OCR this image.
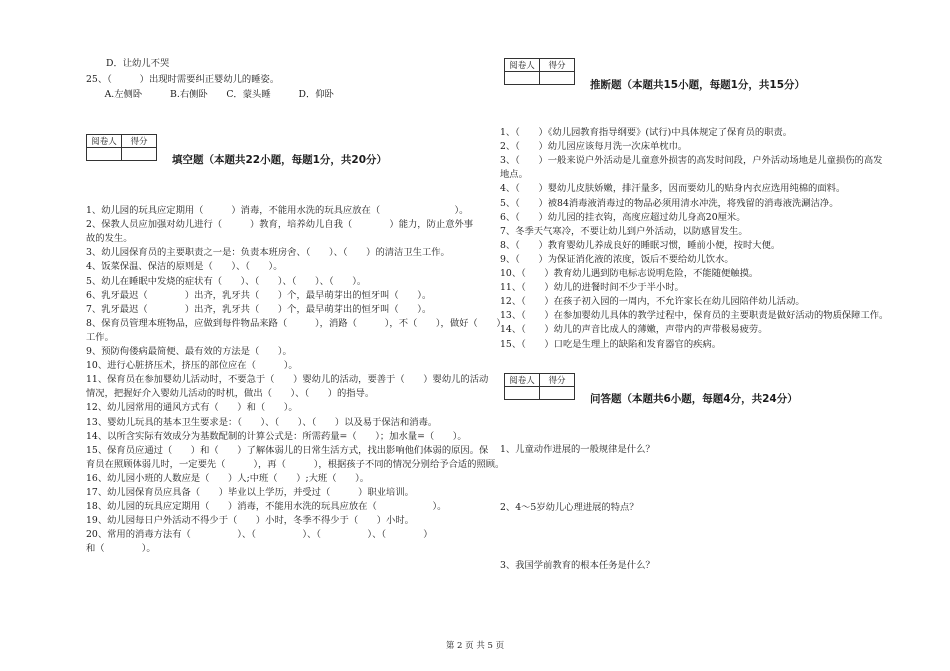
D．让幼儿不哭
25、（　　　）出现时需要纠正婴幼儿的睡姿。
　　A.左侧卧　　　B.右侧卧　　C．蒙头睡　　　D．仰卧
阅卷人	得分

填空题（本题共22小题，每题1分，共20分）
1、幼儿园的玩具应定期用（　　　）消毒，不能用水洗的玩具应放在（　　　　　　　　）。
2、保教人员应加强对幼儿进行（　　　）教育，培养幼儿自我（　　　　）能力，防止意外事
故的发生。
3、幼儿园保育员的主要职责之一是：负责本班房舍、（　　）、（　　）的清洁卫生工作。
4、饭菜保温、保洁的原则是（　　）、（　　）。
5、幼儿在睡眠中发烧的症状有（　　）、（　　）、（　　）、（　　）。
6、乳牙最迟（　　　　）出齐，乳牙共（　　）个，最早萌芽出的恒牙叫（　　）。
7、乳牙最迟（　　　　）出齐，乳牙共（　　）个，最早萌芽出的恒牙叫（　　）。
8、保育员管理本班物品，应做到每件物品来路（　　　），消路（　　　），不（　　），做好（　　）
工作。
9、预防佝偻病最简便、最有效的方法是（　　）。
10、进行心脏挤压术，挤压的部位应在（　　　）。
11、保育员在参加婴幼儿活动时，不要急于（　　）婴幼儿的活动，要善于（　　）婴幼儿的活动
情况，把握好介入婴幼儿活动的时机，做出（　　）、（　　）的指导。
12、幼儿园常用的通风方式有（　　）和（　　）。
13、婴幼儿玩具的基本卫生要求是：（　　）、（　　）、（　　）以及易于保洁和消毒。
14、以所含实际有效成分为基数配制的计算公式是：所需药量=（　　）；加水量=（　　）。
15、保育员应通过（　　）和（　　）了解体弱儿的日常生活方式，找出影响他们体弱的原因。保
育员在照顾体弱儿时，一定要先（　　　），再（　　　），根据孩子不同的情况分别给予合适的照顾。
16、幼儿园小班的人数应是（　　）人;中班（　　）;大班（　　）。
17、幼儿园保育员应具备（　　）毕业以上学历，并受过（　　　）职业培训。
18、幼儿园的玩具应定期用（　　）消毒，不能用水洗的玩具应放在（　　　　　　）。
19、幼儿园每日户外活动不得少于（　　）小时，冬季不得少于（　　）小时。
20、常用的消毒方法有（　　　　　）、（　　　　　）、（　　　　　）、（　　　　）
和（　　　　）。
阅卷人	得分

推断题（本题共15小题，每题1分，共15分）
1、（　　）《幼儿园教育指导纲要》(试行)中具体规定了保育员的职责。
2、（　　）幼儿园应该每月洗一次床单枕巾。
3、（　　）一般来说户外活动是儿童意外损害的高发时间段，户外活动场地是儿童损伤的高发
地点。
4、（　　）婴幼儿皮肤娇嫩，排汗量多，因而要幼儿的贴身内衣应选用纯棉的面料。
5、（　　）被84消毒液消毒过的物品必须用清水冲洗，将残留的消毒液洗涮洁净。
6、（　　）幼儿园的挂衣钩，高度应超过幼儿身高20厘米。
7、冬季天气寒冷，不要让幼儿到户外活动，以防感冒发生。
8、（　　）教育婴幼儿养成良好的睡眠习惯，睡前小便，按时大便。
9、（　　）为保证消化液的浓度，饭后不要给幼儿饮水。
10、（　　）教育幼儿遇到防电标志说明危险，不能随便触摸。
11、（　　）幼儿的进餐时间不少于半小时。
12、（　　）在孩子初入园的一周内，不允许家长在幼儿园陪伴幼儿活动。
13、（　　）在参加婴幼儿具体的教学过程中，保育员的主要职责是做好活动的物质保障工作。
14、（　　）幼儿的声音比成人的薄嫩，声带内的声带极易疲劳。
15、（　　）口吃是生理上的缺陷和发育器官的疾病。
阅卷人	得分

问答题（本题共6小题，每题4分，共24分）
1、儿童动作进展的一般规律是什么？
2、4～5岁幼儿心理进展的特点？
3、我国学前教育的根本任务是什么？
第 2 页 共 5 页
